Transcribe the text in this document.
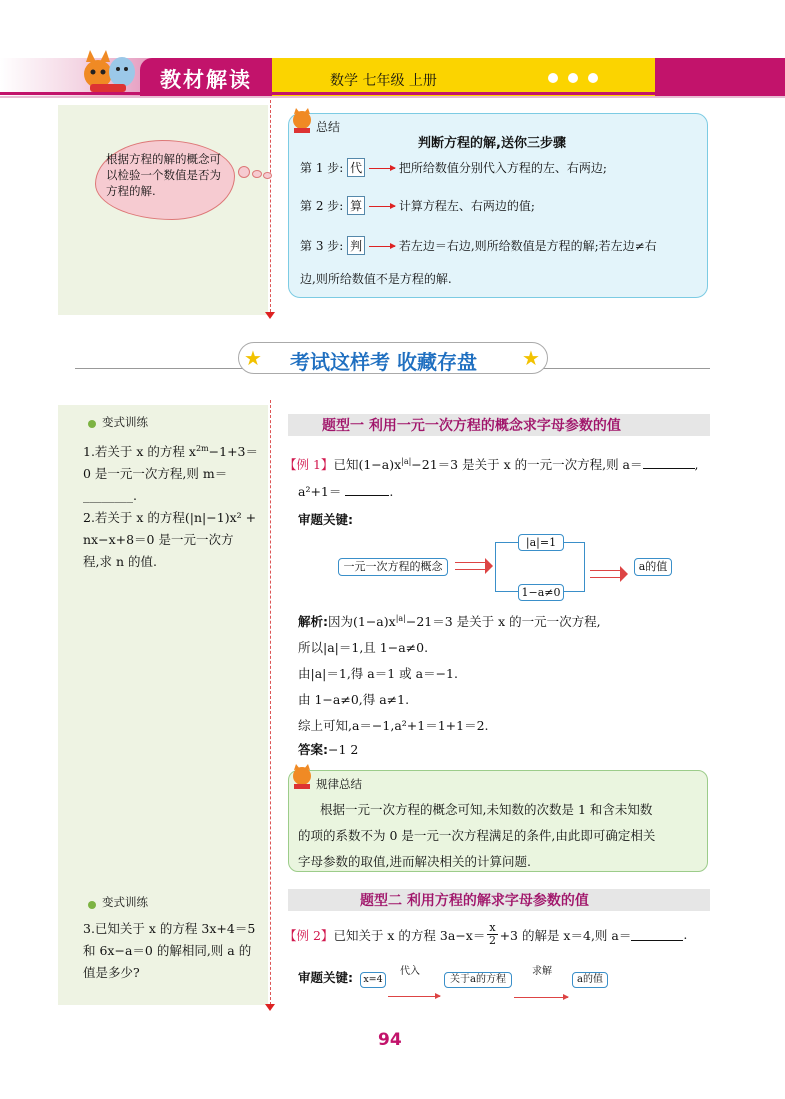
教材解读	数学 七年级 上册
根据方程的解的概念可以检验一个数值是否为方程的解.
总结
判断方程的解,送你三步骤
第 1 步: 代	把所给数值分别代入方程的左、右两边;
第 2 步: 算	计算方程左、右两边的值;
第 3 步: 判	若左边＝右边,则所给数值是方程的解;若左边≠右
边,则所给数值不是方程的解.
★	★
考试这样考 收藏存盘
变式训练
1.若关于 x 的方程 $x^{2m}-1+3=$
0 是一元一次方程,则 m＝
________.
2.若关于 x 的方程(|n|−1)x² +
nx−x+8＝0 是一元一次方
程,求 n 的值.
题型一 利用一元一次方程的概念求字母参数的值
【例 1】已知$(1-a)x^{|a|}-21=3$ 是关于 x 的一元一次方程,则 a＝	,
a²+1＝	.
审题关键:
一元一次方程的概念
|a|=1
1−a≠0
a的值
解析:因为$(1-a)x^{|a|}-21=3$ 是关于 x 的一元一次方程,
所以|a|＝1,且 1−a≠0.
由|a|＝1,得 a＝1 或 a＝−1.
由 1−a≠0,得 a≠1.
综上可知,a＝−1,a²+1＝1+1＝2.
答案:−1 2
规律总结
根据一元一次方程的概念可知,未知数的次数是 1 和含未知数
的项的系数不为 0 是一元一次方程满足的条件,由此即可确定相关
字母参数的取值,进而解决相关的计算问题.
变式训练
3.已知关于 x 的方程 3x+4＝5
和 6x−a＝0 的解相同,则 a 的
值是多少?
题型二 利用方程的解求字母参数的值
【例 2】 已知关于 x 的方程 $3a-x= \frac{x}{2} +3$ 的解是 x＝4,则 a＝	.
审题关键:	x=4
代入
关于a的方程
求解
a的值
94
